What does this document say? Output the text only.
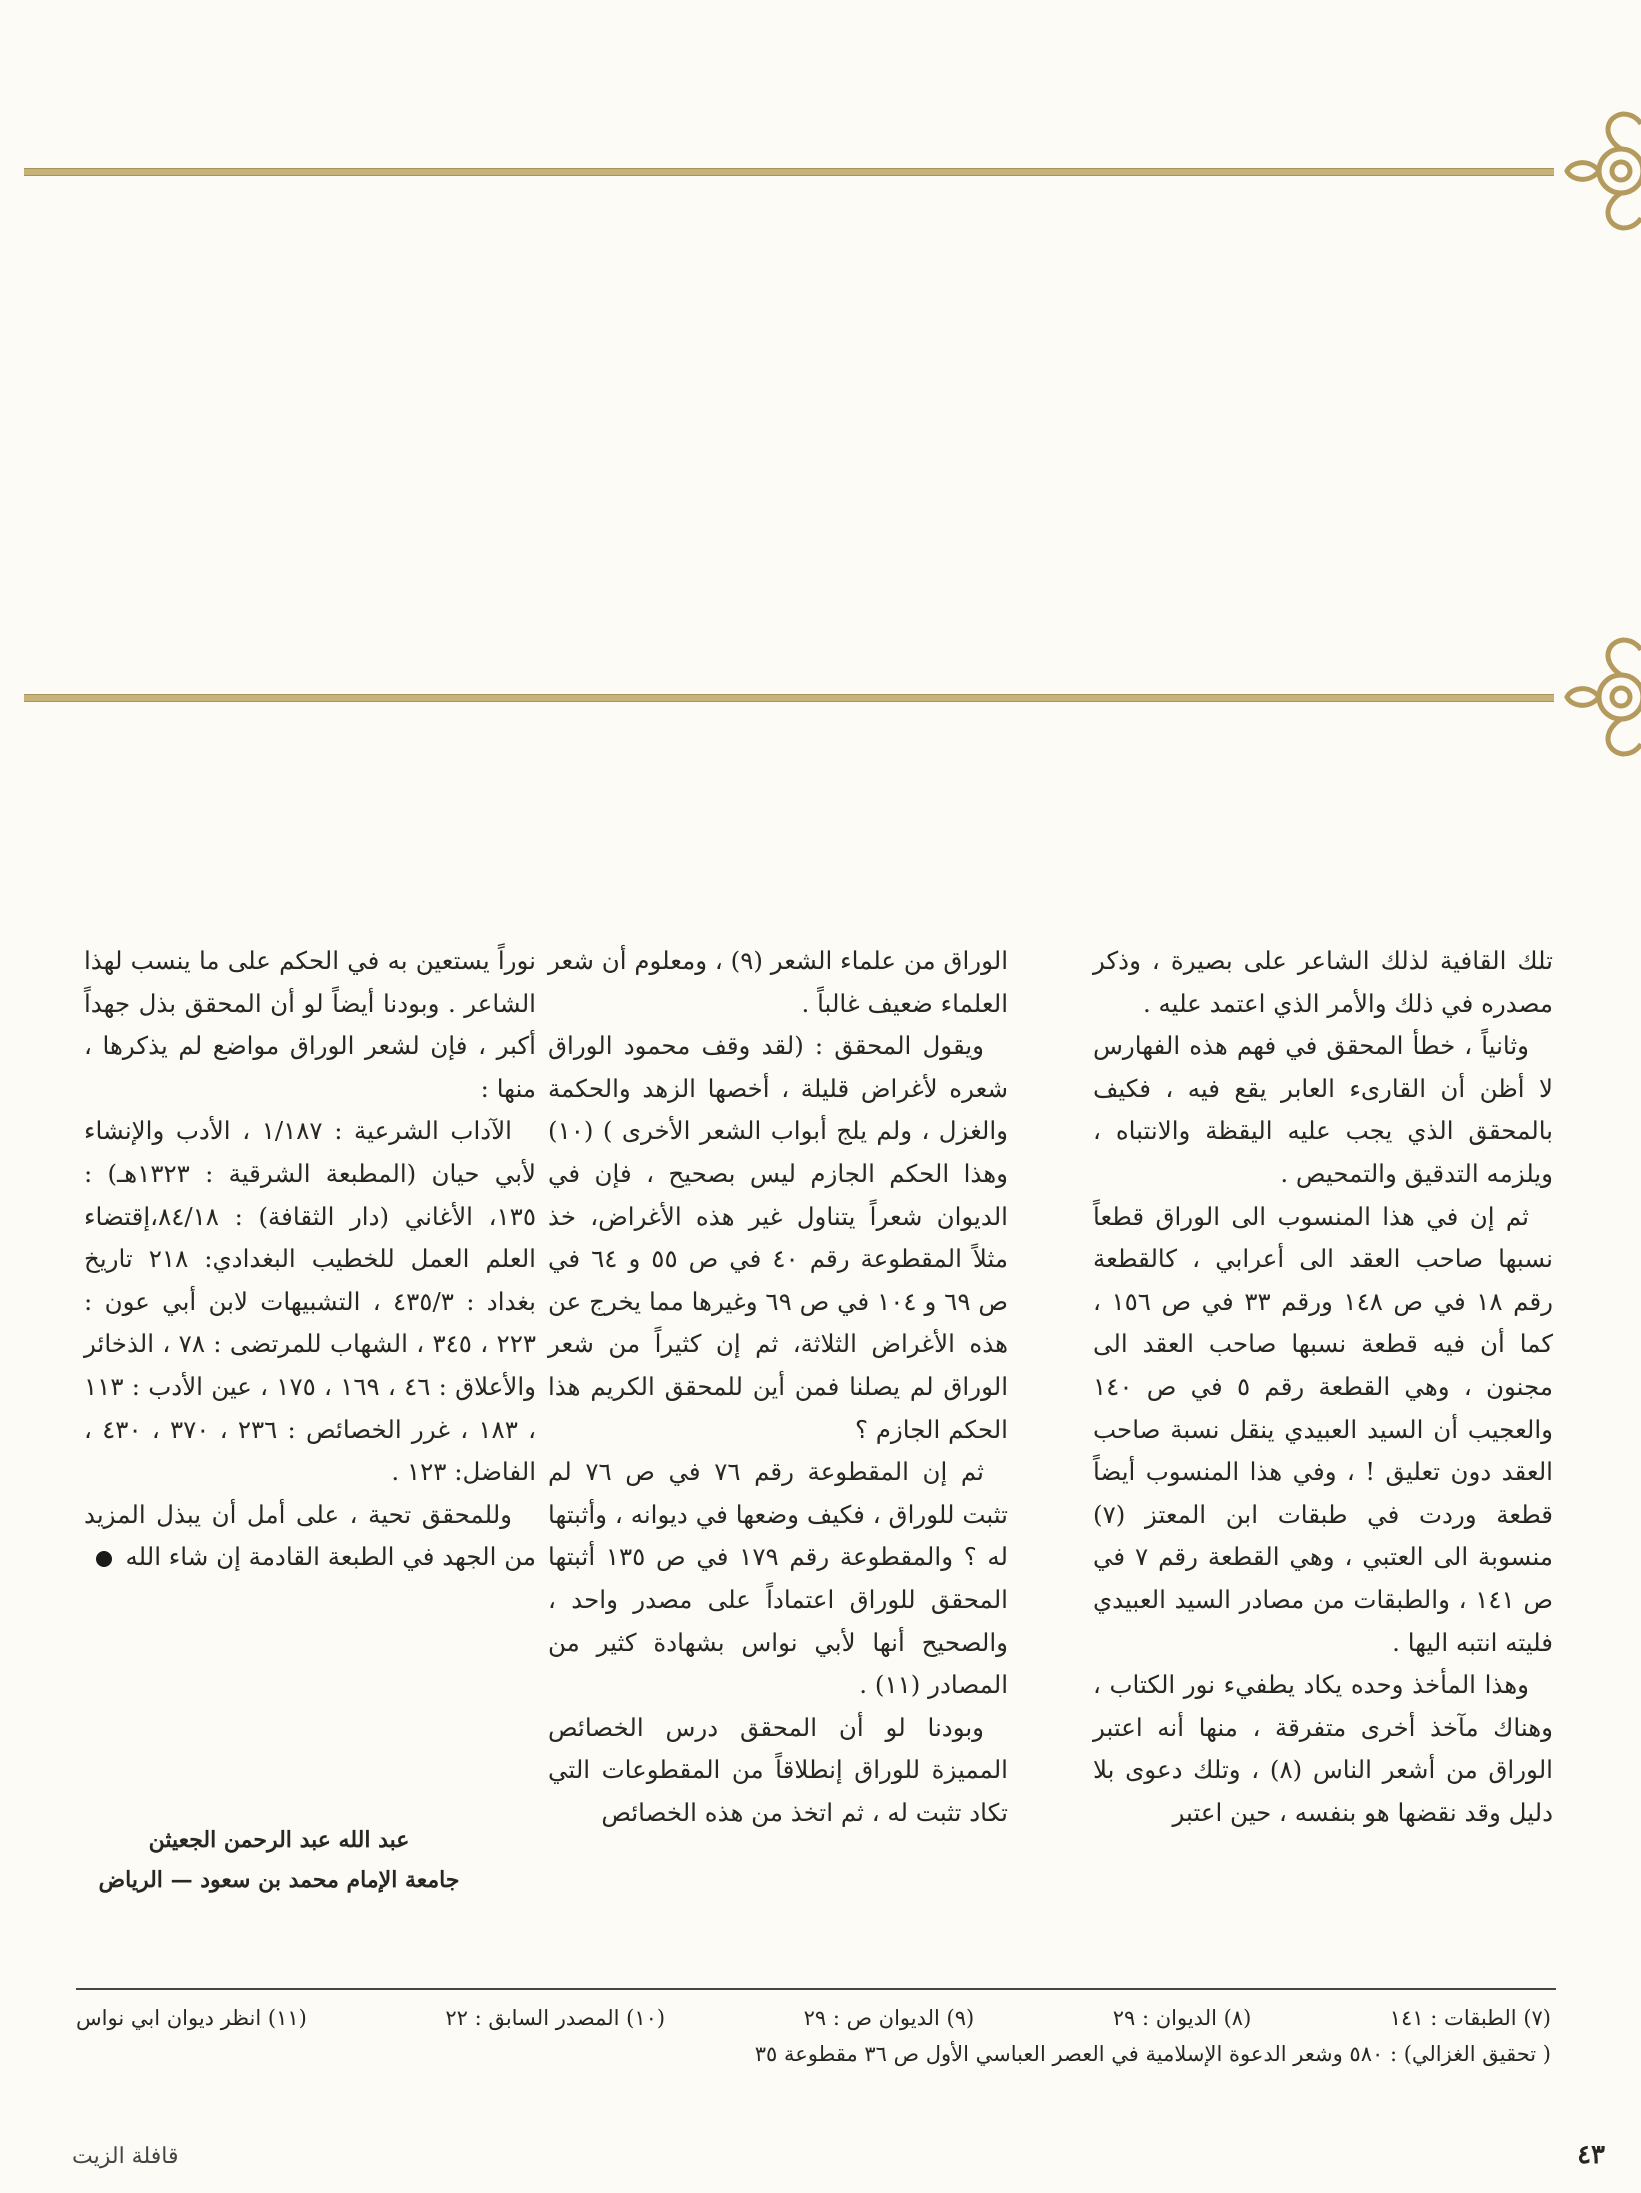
تلك القافية لذلك الشاعر على بصيرة ، وذكر مصدره في ذلك والأمر الذي اعتمد عليه .

وثانياً ، خطأ المحقق في فهم هذه الفهارس لا أظن أن القارىء العابر يقع فيه ، فكيف بالمحقق الذي يجب عليه اليقظة والانتباه ، ويلزمه التدقيق والتمحيص .

ثم إن في هذا المنسوب الى الوراق قطعاً نسبها صاحب العقد الى أعرابي ، كالقطعة رقم ١٨ في ص ١٤٨ ورقم ٣٣ في ص ١٥٦ ، كما أن فيه قطعة نسبها صاحب العقد الى مجنون ، وهي القطعة رقم ٥ في ص ١٤٠ والعجيب أن السيد العبيدي ينقل نسبة صاحب العقد دون تعليق ! ، وفي هذا المنسوب أيضاً قطعة وردت في طبقات ابن المعتز (٧) منسوبة الى العتبي ، وهي القطعة رقم ٧ في ص ١٤١ ، والطبقات من مصادر السيد العبيدي فليته انتبه اليها .

وهذا المأخذ وحده يكاد يطفيء نور الكتاب ، وهناك مآخذ أخرى متفرقة ، منها أنه اعتبر الوراق من أشعر الناس (٨) ، وتلك دعوى بلا دليل وقد نقضها هو بنفسه ، حين اعتبر

الوراق من علماء الشعر (٩) ، ومعلوم أن شعر العلماء ضعيف غالباً .

ويقول المحقق : (لقد وقف محمود الوراق شعره لأغراض قليلة ، أخصها الزهد والحكمة والغزل ، ولم يلج أبواب الشعر الأخرى ) (١٠) وهذا الحكم الجازم ليس بصحيح ، فإن في الديوان شعراً يتناول غير هذه الأغراض، خذ مثلاً المقطوعة رقم ٤٠ في ص ٥٥ و ٦٤ في ص ٦٩ و ١٠٤ في ص ٦٩ وغيرها مما يخرج عن هذه الأغراض الثلاثة، ثم إن كثيراً من شعر الوراق لم يصلنا فمن أين للمحقق الكريم هذا الحكم الجازم ؟

ثم إن المقطوعة رقم ٧٦ في ص ٧٦ لم تثبت للوراق ، فكيف وضعها في ديوانه ، وأثبتها له ؟ والمقطوعة رقم ١٧٩ في ص ١٣٥ أثبتها المحقق للوراق اعتماداً على مصدر واحد ، والصحيح أنها لأبي نواس بشهادة كثير من المصادر (١١) .

وبودنا لو أن المحقق درس الخصائص المميزة للوراق إنطلاقاً من المقطوعات التي تكاد تثبت له ، ثم اتخذ من هذه الخصائص

نوراً يستعين به في الحكم على ما ينسب لهذا الشاعر . وبودنا أيضاً لو أن المحقق بذل جهداً أكبر ، فإن لشعر الوراق مواضع لم يذكرها ، منها :

الآداب الشرعية : ١/١٨٧ ، الأدب والإنشاء لأبي حيان (المطبعة الشرقية : ١٣٢٣هـ) : ١٣٥، الأغاني (دار الثقافة) : ٨٤/١٨،إقتضاء العلم العمل للخطيب البغدادي: ٢١٨ تاريخ بغداد : ٤٣٥/٣ ، التشبيهات لابن أبي عون : ٢٢٣ ، ٣٤٥ ، الشهاب للمرتضى : ٧٨ ، الذخائر والأعلاق : ٤٦ ، ١٦٩ ، ١٧٥ ، عين الأدب : ١١٣ ، ١٨٣ ، غرر الخصائص : ٢٣٦ ، ٣٧٠ ، ٤٣٠ ، الفاضل: ١٢٣ .

وللمحقق تحية ، على أمل أن يبذل المزيد من الجهد في الطبعة القادمة إن شاء الله

عبد الله عبد الرحمن الجعيثن
جامعة الإمام محمد بن سعود — الرياض
(٧) الطبقات : ١٤١
(٨) الديوان : ٢٩
(٩) الديوان ص : ٢٩
(١٠) المصدر السابق : ٢٢
(١١) انظر ديوان ابي نواس
( تحقيق الغزالي) : ٥٨٠ وشعر الدعوة الإسلامية في العصر العباسي الأول ص ٣٦ مقطوعة ٣٥
٤٣
قافلة الزيت
